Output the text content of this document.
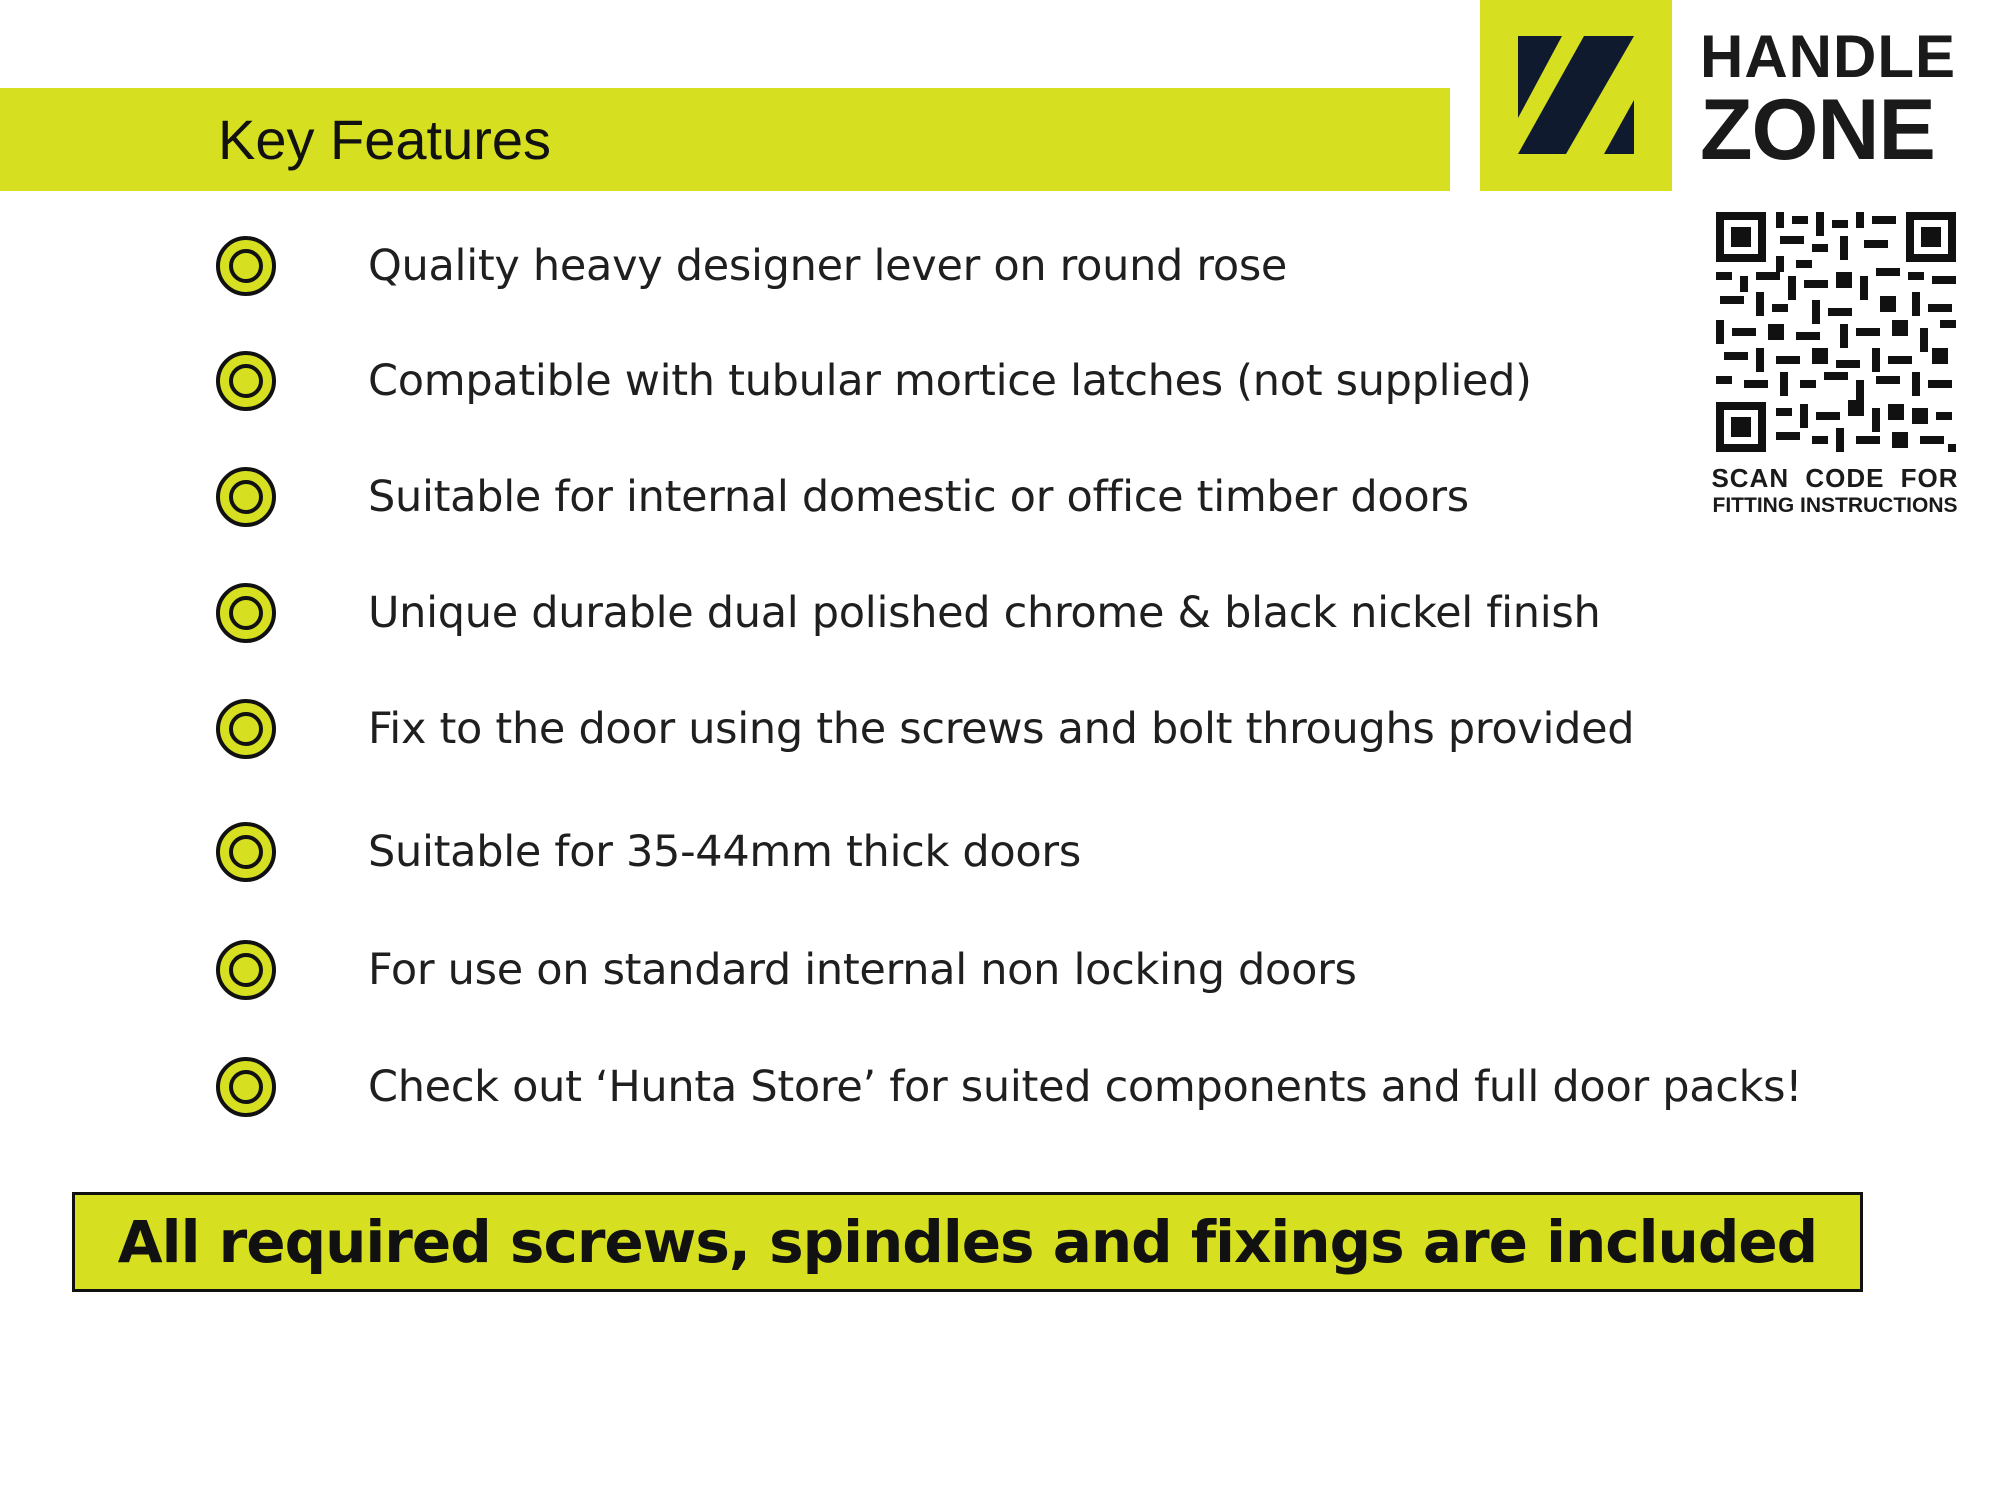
Key Features
HANDLE
ZONE
SCAN CODE FOR
FITTING INSTRUCTIONS
Quality heavy designer lever on round rose
Compatible with tubular mortice latches (not supplied)
Suitable for internal domestic or office timber doors
Unique durable dual polished chrome & black nickel finish
Fix to the door using the screws and bolt throughs provided
Suitable for 35-44mm thick doors
For use on standard internal non locking doors
Check out ‘Hunta Store’ for suited components and full door packs!
All required screws, spindles and fixings are included
